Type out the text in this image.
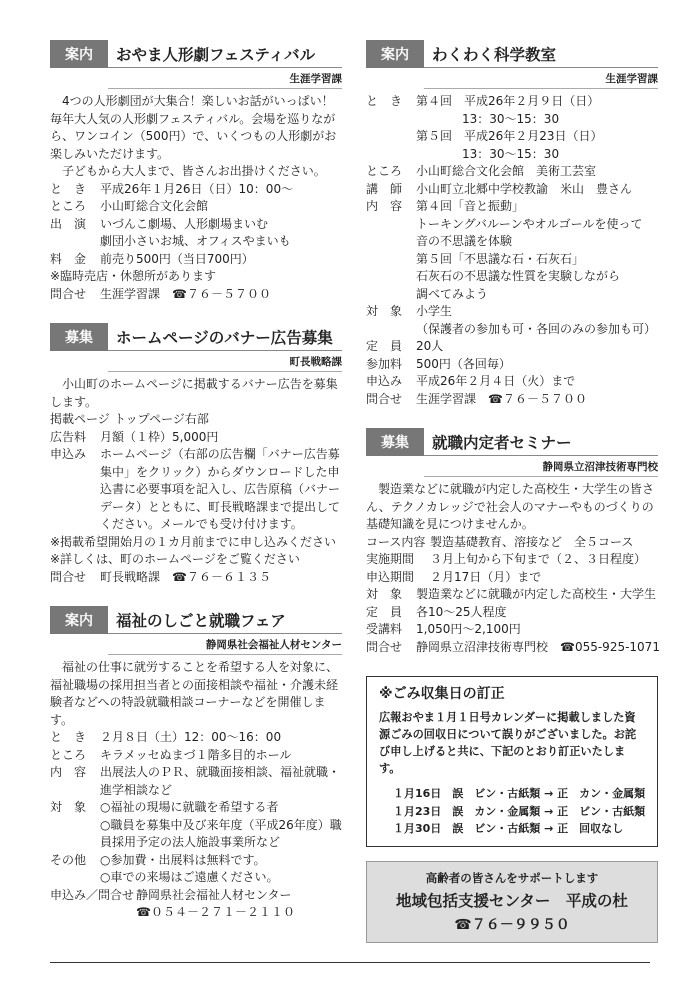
案内	おやま人形劇フェスティバル
生涯学習課

4つの人形劇団が大集合！楽しいお話がいっぱい！毎年大人気の人形劇フェスティバル。会場を巡りながら、ワンコイン（500円）で、いくつもの人形劇がお楽しみいただけます。

子どもから大人まで、皆さんお出掛けください。

と　き	平成26年１月26日（日）10：00～
ところ	小山町総合文化会館
出　演	いづんこ劇場、人形劇場まいむ
劇団小さいお城、オフィスやまいも
料　金	前売り500円（当日700円）
※臨時売店・休憩所があります
問合せ	生涯学習課　☎７６－５７００
募集	ホームページのバナー広告募集
町長戦略課

小山町のホームページに掲載するバナー広告を募集します。

掲載ページ トップページ右部
広告料	月額（１枠）5,000円
申込み	ホームページ（右部の広告欄「バナー広告募集中」をクリック）からダウンロードした申込書に必要事項を記入し、広告原稿（バナーデータ）とともに、町長戦略課まで提出してください。メールでも受け付けます。
※掲載希望開始月の１カ月前までに申し込みください
※詳しくは、町のホームページをご覧ください
問合せ	町長戦略課　☎７６－６１３５
案内	福祉のしごと就職フェア
静岡県社会福祉人材センター

福祉の仕事に就労することを希望する人を対象に、福祉職場の採用担当者との面接相談や福祉・介護未経験者などへの特設就職相談コーナーなどを開催します。

と　き	２月８日（土）12：00～16：00
ところ	キラメッセぬまづ１階多目的ホール
内　容	出展法人のＰＲ、就職面接相談、福祉就職・進学相談など
対　象	○福祉の現場に就職を希望する者
○職員を募集中及び来年度（平成26年度）職員採用予定の法人施設事業所など
その他	○参加費・出展料は無料です。
○車での来場はご遠慮ください。
申込み／問合せ 静岡県社会福祉人材センター
☎０５４－２７１－２１１０
案内	わくわく科学教室
生涯学習課
と　き	第４回　平成26年２月９日（日）
13：30～15：30
第５回　平成26年２月23日（日）
13：30～15：30
ところ	小山町総合文化会館　美術工芸室
講　師	小山町立北郷中学校教諭　米山　豊さん
内　容	第４回「音と振動」
トーキングバルーンやオルゴールを使って
音の不思議を体験
第５回「不思議な石・石灰石」
石灰石の不思議な性質を実験しながら
調べてみよう
対　象	小学生
（保護者の参加も可・各回のみの参加も可）
定　員	20人
参加料	500円（各回毎）
申込み	平成26年２月４日（火）まで
問合せ	生涯学習課　☎７６－５７００
募集	就職内定者セミナー
静岡県立沼津技術専門校

製造業などに就職が内定した高校生・大学生の皆さん、テクノカレッジで社会人のマナーやものづくりの基礎知識を見につけませんか。

コース内容 製造基礎教育、溶接など　全５コース
実施期間	３月上旬から下旬まで（２、３日程度）
申込期間	２月17日（月）まで
対　象	製造業などに就職が内定した高校生・大学生
定　員	各10～25人程度
受講料	1,050円～2,100円
問合せ	静岡県立沼津技術専門校　☎055-925-1071
※ごみ収集日の訂正
広報おやま１月１日号カレンダーに掲載しました資源ごみの回収日について誤りがございました。お詫び申し上げると共に、下記のとおり訂正いたします。
１月16日　誤　ビン・古紙類 → 正　カン・金属類
１月23日　誤　カン・金属類 → 正　ビン・古紙類
１月30日　誤　ビン・古紙類 → 正　回収なし
高齢者の皆さんをサポートします
地域包括支援センター　平成の杜
☎７６－９９５０
